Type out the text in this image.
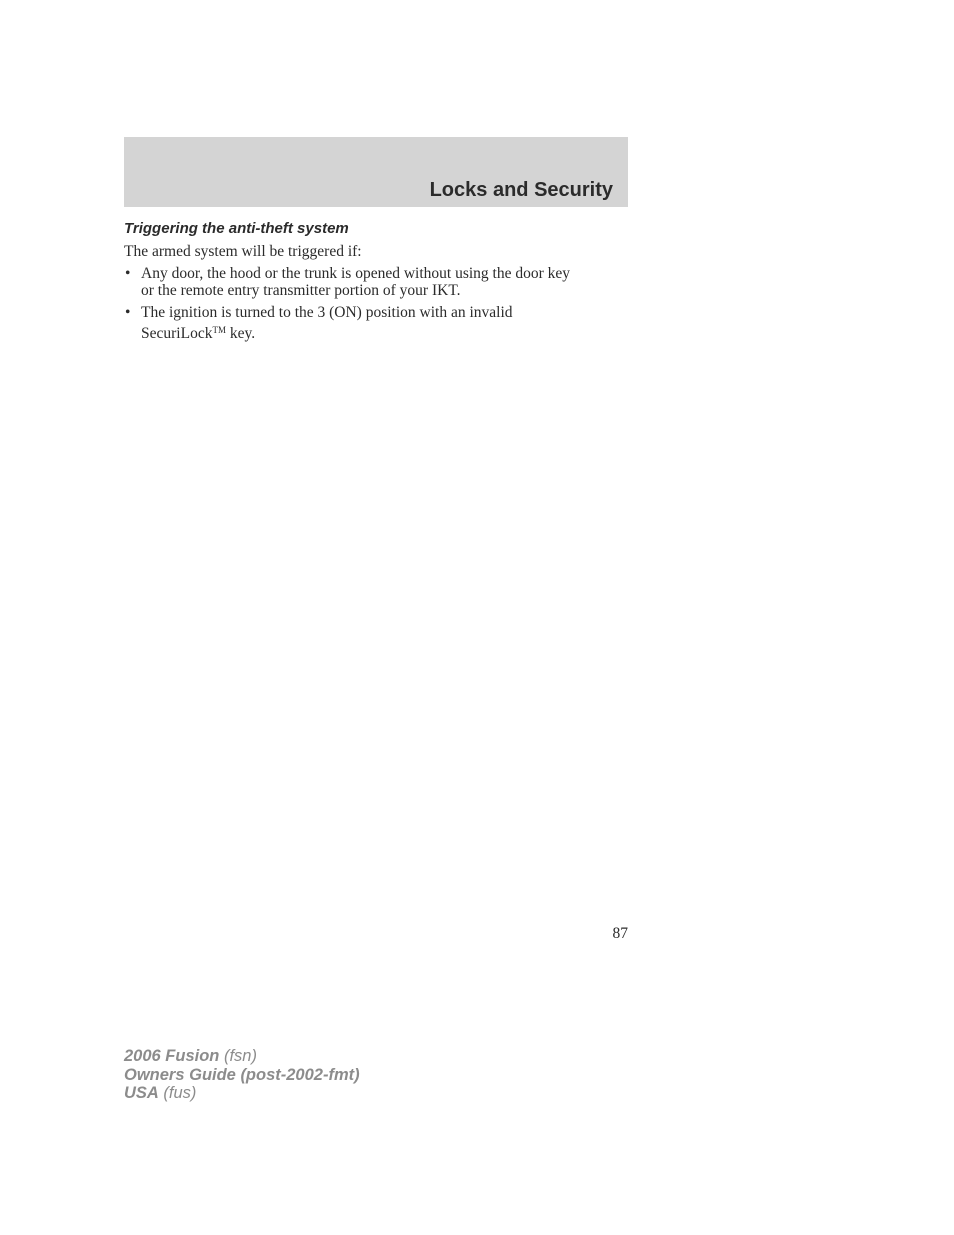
Locks and Security
Triggering the anti-theft system

The armed system will be triggered if:

• Any door, the hood or the trunk is opened without using the door key
or the remote entry transmitter portion of your IKT.
• The ignition is turned to the 3 (ON) position with an invalid
SecuriLock™ key.

87

2006 Fusion (fsn)
Owners Guide (post-2002-fmt)
USA (fus)
